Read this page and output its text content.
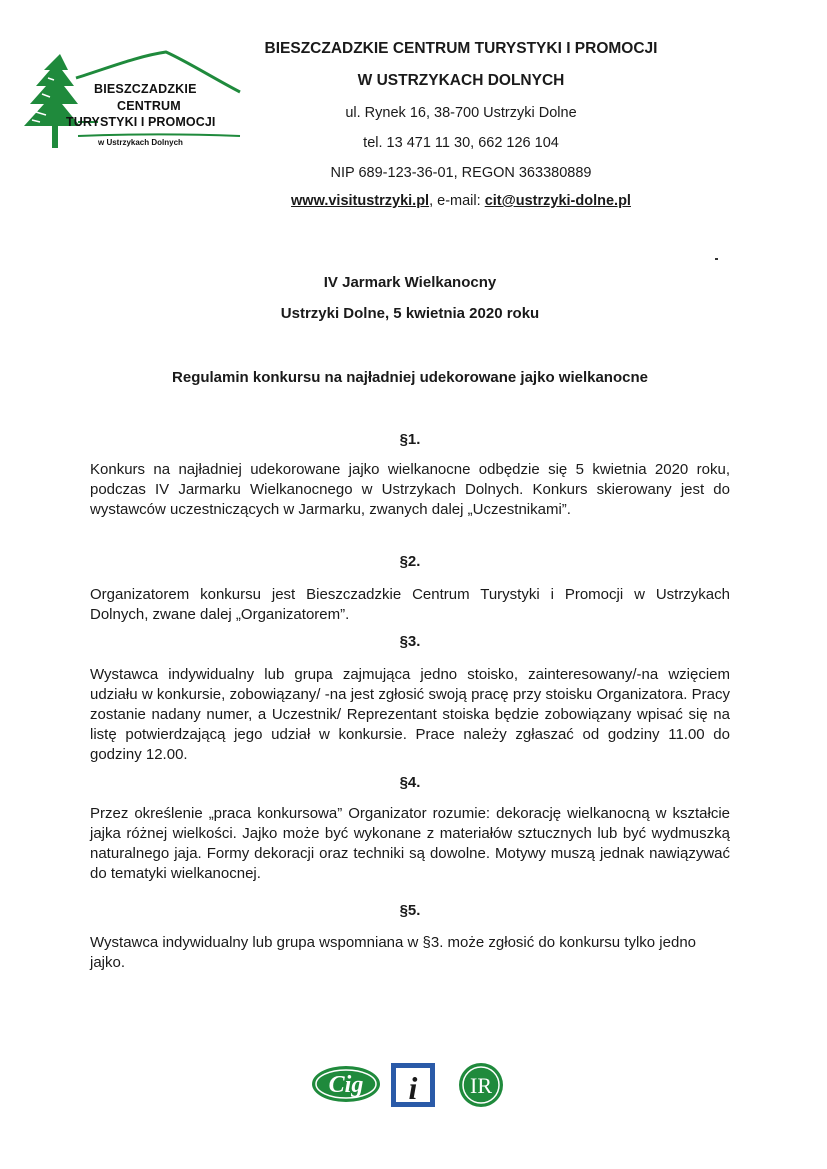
BIESZCZADZKIE
CENTRUM
TURYSTYKI I PROMOCJI
w Ustrzykach Dolnych
BIESZCZADZKIE CENTRUM TURYSTYKI I PROMOCJI
W USTRZYKACH DOLNYCH
ul. Rynek 16, 38-700 Ustrzyki Dolne
tel. 13 471 11 30, 662 126 104
NIP 689-123-36-01, REGON 363380889
www.visitustrzyki.pl, e-mail: cit@ustrzyki-dolne.pl
IV Jarmark Wielkanocny
Ustrzyki Dolne, 5 kwietnia 2020 roku
Regulamin konkursu na najładniej udekorowane jajko wielkanocne
§1.
Konkurs na najładniej udekorowane jajko wielkanocne odbędzie się 5 kwietnia 2020 roku, podczas IV Jarmarku Wielkanocnego w Ustrzykach Dolnych. Konkurs skierowany jest do wystawców uczestniczących w Jarmarku, zwanych dalej „Uczestnikami”.
§2.
Organizatorem konkursu jest Bieszczadzkie Centrum Turystyki i Promocji w Ustrzykach Dolnych, zwane dalej „Organizatorem”.
§3.
Wystawca indywidualny lub grupa zajmująca jedno stoisko, zainteresowany/-na wzięciem udziału w konkursie, zobowiązany/ -na jest zgłosić swoją pracę przy stoisku Organizatora. Pracy zostanie nadany numer, a Uczestnik/ Reprezentant stoiska będzie zobowiązany wpisać się na listę potwierdzającą jego udział w konkursie. Prace należy zgłaszać od godziny 11.00 do godziny 12.00.
§4.
Przez określenie „praca konkursowa” Organizator rozumie: dekorację wielkanocną w kształcie jajka różnej wielkości. Jajko może być wykonane z materiałów sztucznych lub być wydmuszką naturalnego jaja. Formy dekoracji oraz techniki są dowolne. Motywy muszą jednak nawiązywać do tematyki wielkanocnej.
§5.
Wystawca indywidualny lub grupa wspomniana w §3. może zgłosić do konkursu tylko jedno jajko.
Cig i IR
